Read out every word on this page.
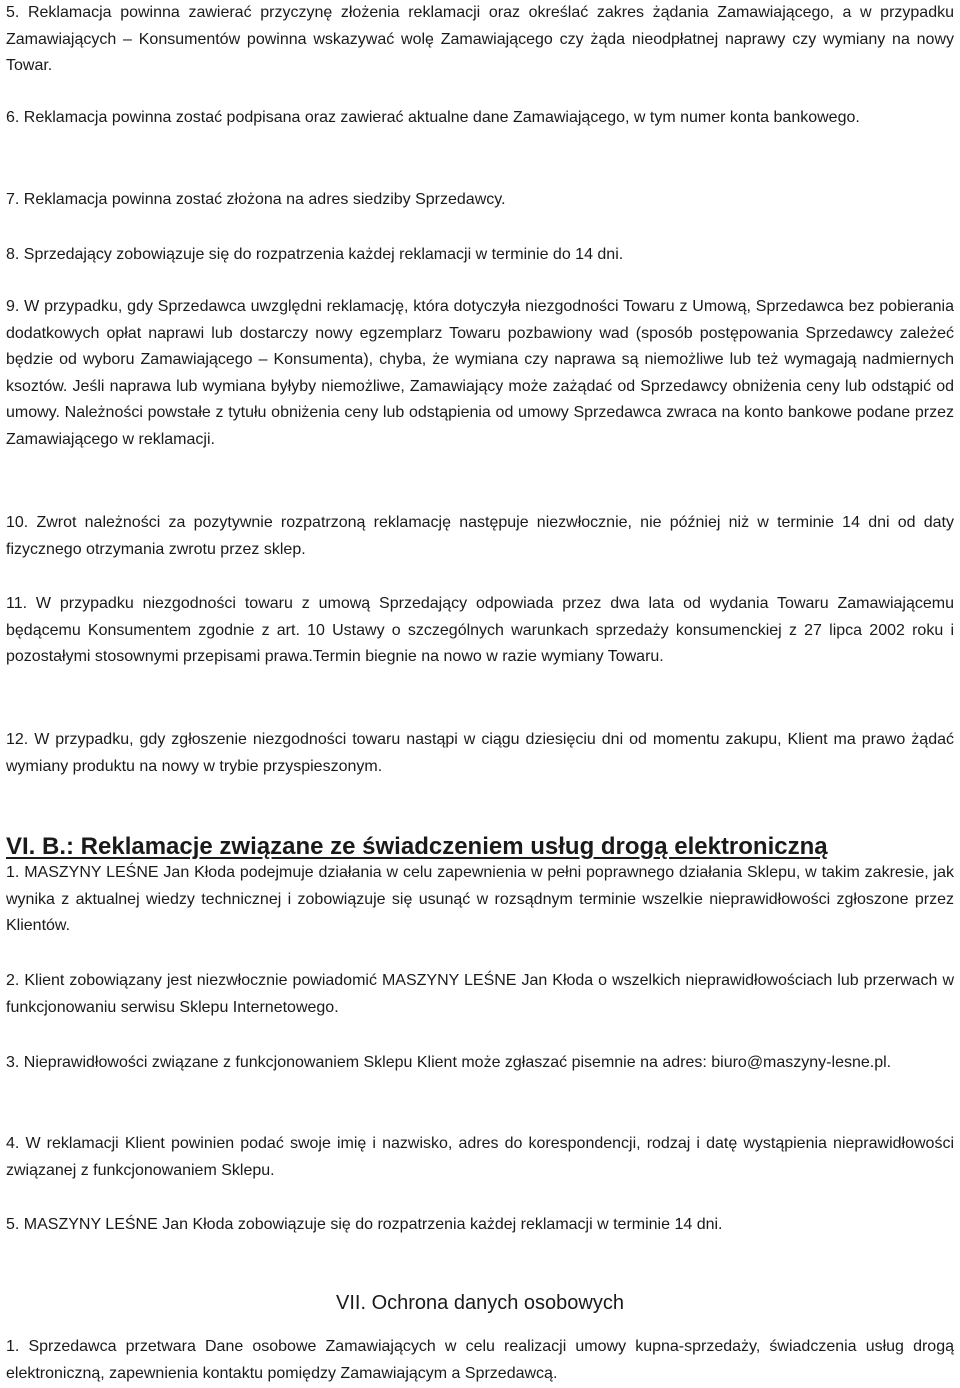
5. Reklamacja powinna zawierać przyczynę złożenia reklamacji oraz określać zakres żądania Zamawiającego, a w przypadku Zamawiających – Konsumentów powinna wskazywać wolę Zamawiającego czy żąda nieodpłatnej naprawy czy wymiany na nowy Towar.

6. Reklamacja powinna zostać podpisana oraz zawierać aktualne dane Zamawiającego, w tym numer konta bankowego.

7. Reklamacja powinna zostać złożona na adres siedziby Sprzedawcy.

8. Sprzedający zobowiązuje się do rozpatrzenia każdej reklamacji w terminie do 14 dni.

9. W przypadku, gdy Sprzedawca uwzględni reklamację, która dotyczyła niezgodności Towaru z Umową, Sprzedawca bez pobierania dodatkowych opłat naprawi lub dostarczy nowy egzemplarz Towaru pozbawiony wad (sposób postępowania Sprzedawcy zależeć będzie od wyboru Zamawiającego – Konsumenta), chyba, że wymiana czy naprawa są niemożliwe lub też wymagają nadmiernych ksoztów. Jeśli naprawa lub wymiana byłyby niemożliwe, Zamawiający może zażądać od Sprzedawcy obniżenia ceny lub odstąpić od umowy. Należności powstałe z tytułu obniżenia ceny lub odstąpienia od umowy Sprzedawca zwraca na konto bankowe podane przez Zamawiającego w reklamacji.

10. Zwrot należności za pozytywnie rozpatrzoną reklamację następuje niezwłocznie, nie później niż w terminie 14 dni od daty fizycznego otrzymania zwrotu przez sklep.

11. W przypadku niezgodności towaru z umową Sprzedający odpowiada przez dwa lata od wydania Towaru Zamawiającemu będącemu Konsumentem zgodnie z art. 10 Ustawy o szczególnych warunkach sprzedaży konsumenckiej z 27 lipca 2002 roku i pozostałymi stosownymi przepisami prawa.Termin biegnie na nowo w razie wymiany Towaru.

12. W przypadku, gdy zgłoszenie niezgodności towaru nastąpi w ciągu dziesięciu dni od momentu zakupu, Klient ma prawo żądać wymiany produktu na nowy w trybie przyspieszonym.

VI. B.: Reklamacje związane ze świadczeniem usług drogą elektroniczną

1. MASZYNY LEŚNE Jan Kłoda podejmuje działania w celu zapewnienia w pełni poprawnego działania Sklepu, w takim zakresie, jak wynika z aktualnej wiedzy technicznej i zobowiązuje się usunąć w rozsądnym terminie wszelkie nieprawidłowości zgłoszone przez Klientów.

2. Klient zobowiązany jest niezwłocznie powiadomić MASZYNY LEŚNE Jan Kłoda o wszelkich nieprawidłowościach lub przerwach w funkcjonowaniu serwisu Sklepu Internetowego.

3. Nieprawidłowości związane z funkcjonowaniem Sklepu Klient może zgłaszać pisemnie na adres: biuro@maszyny-lesne.pl.

4. W reklamacji Klient powinien podać swoje imię i nazwisko, adres do korespondencji, rodzaj i datę wystąpienia nieprawidłowości związanej z funkcjonowaniem Sklepu.

5. MASZYNY LEŚNE Jan Kłoda zobowiązuje się do rozpatrzenia każdej reklamacji w terminie 14 dni.

VII. Ochrona danych osobowych

1. Sprzedawca przetwara Dane osobowe Zamawiających w celu realizacji umowy kupna-sprzedaży, świadczenia usług drogą elektroniczną, zapewnienia kontaktu pomiędzy Zamawiającym a Sprzedawcą.
